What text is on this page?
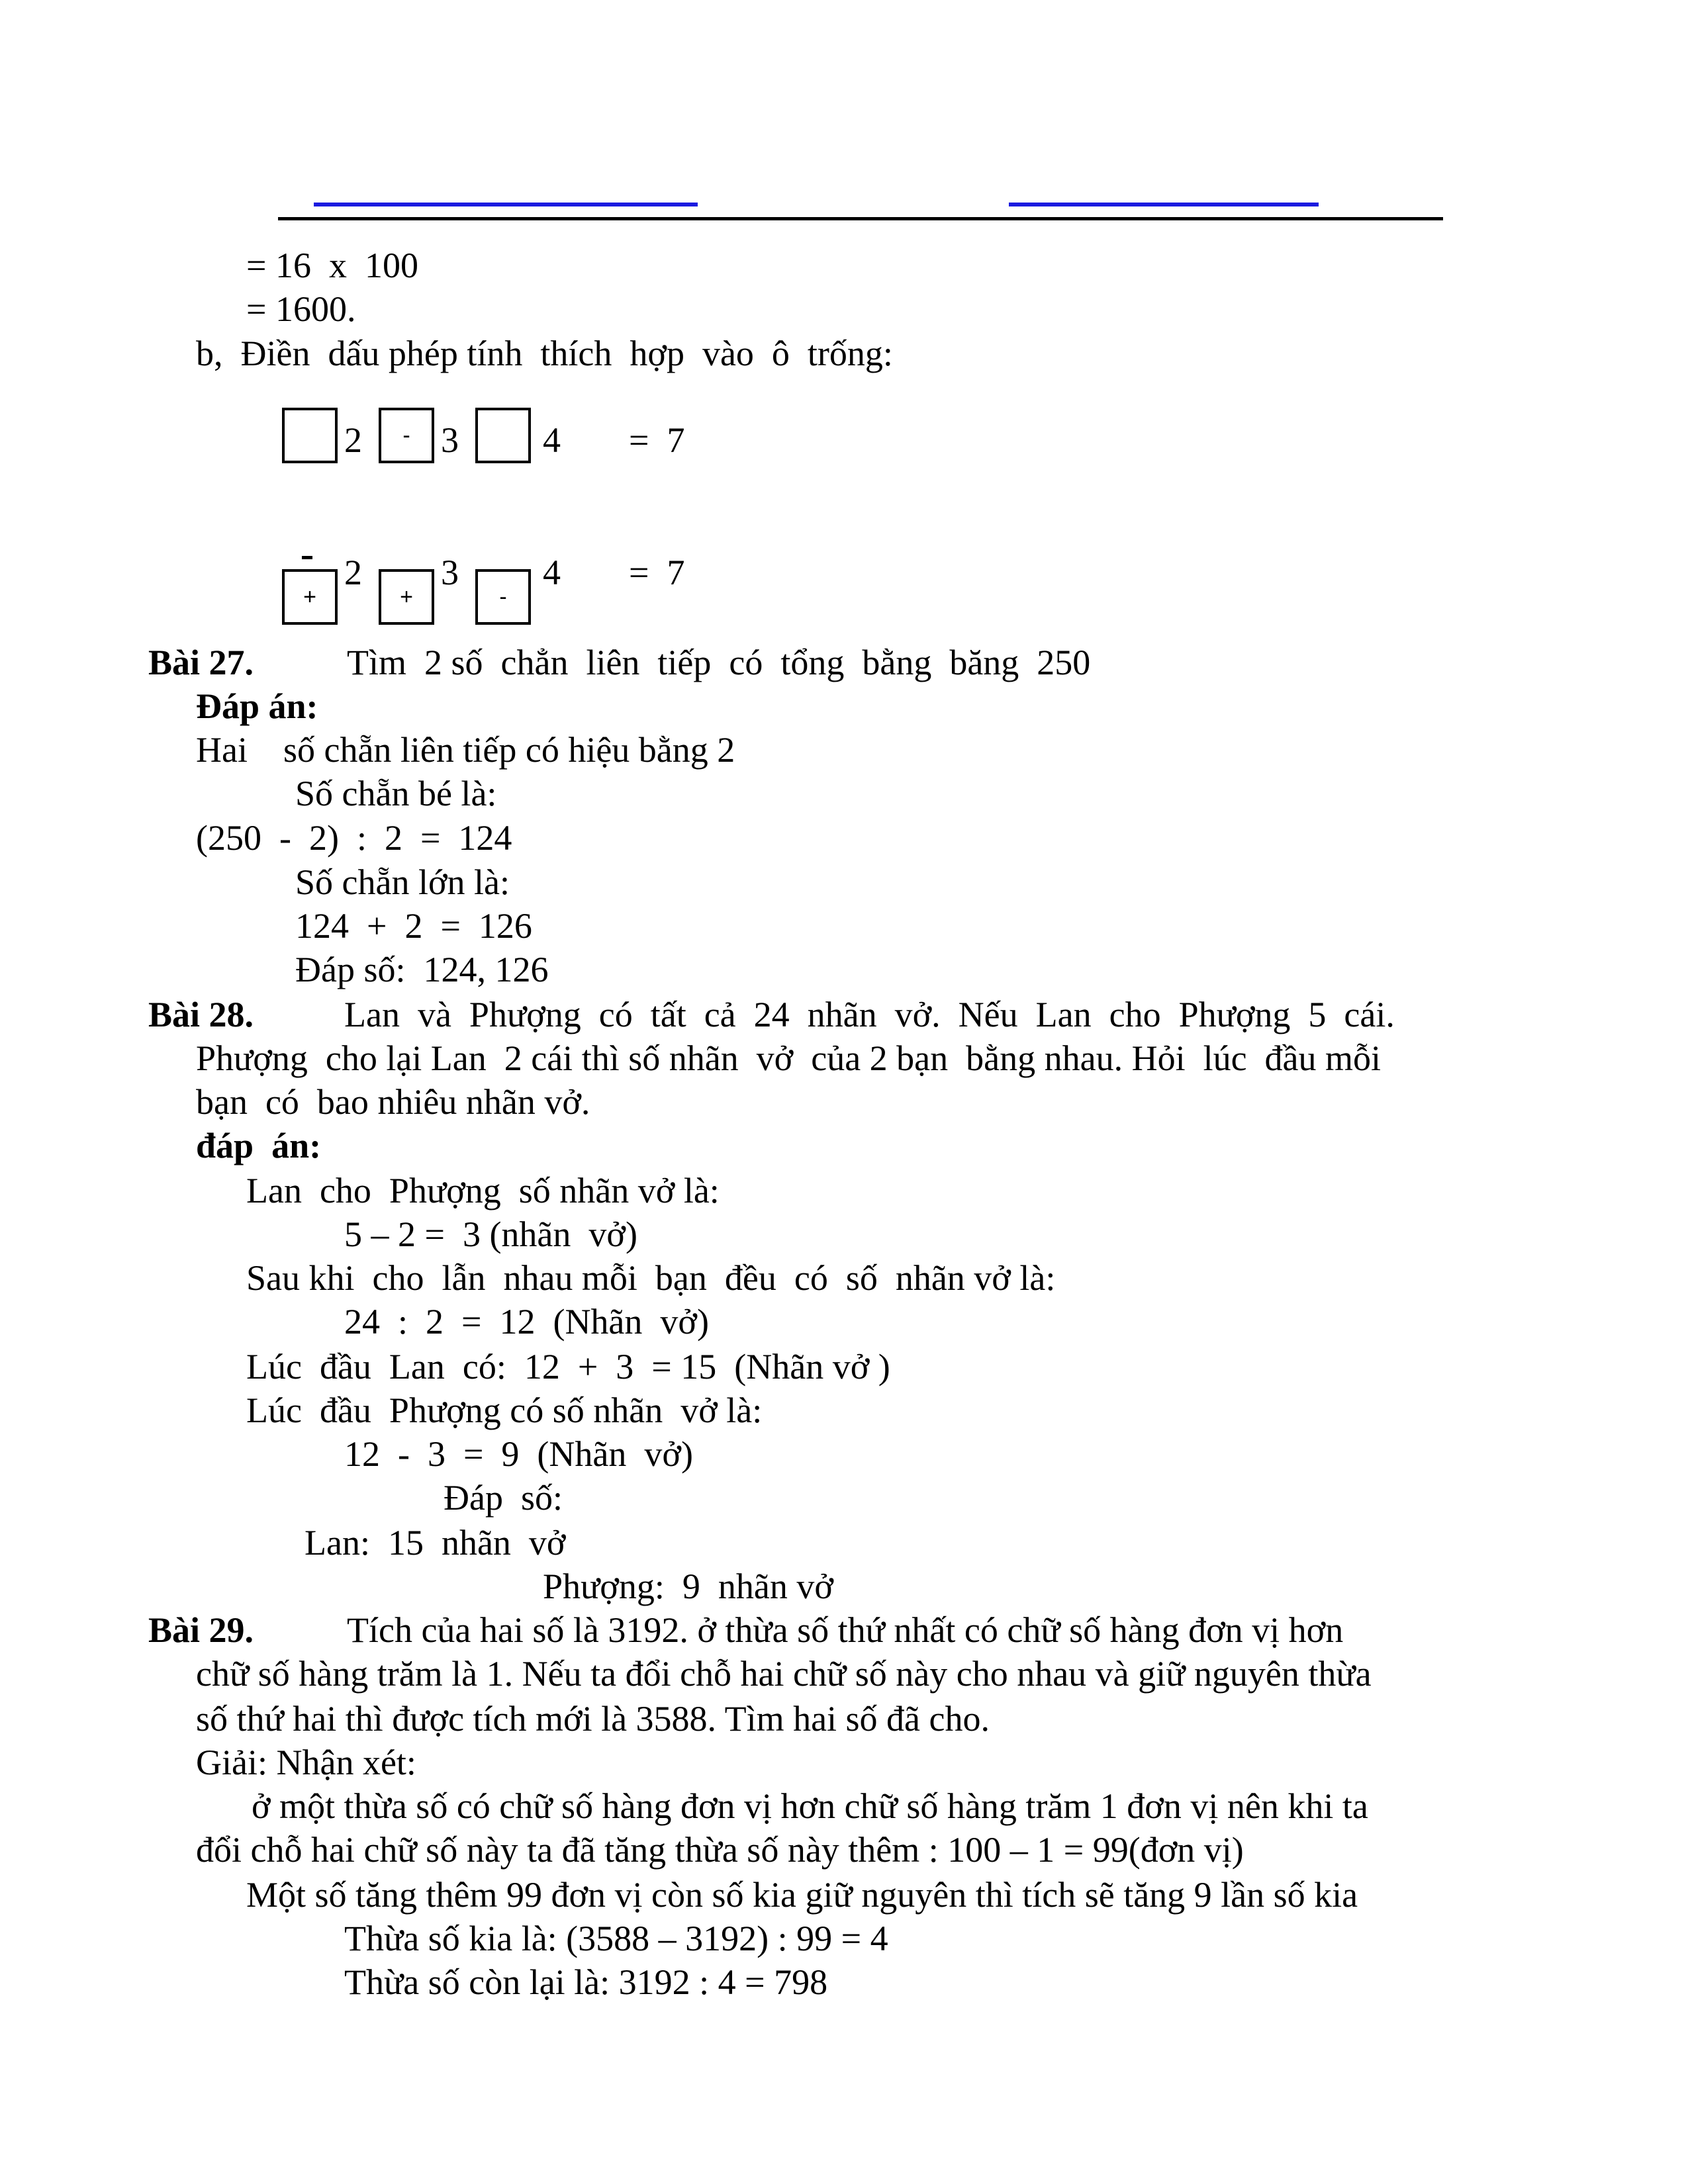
= 16  x  100
= 1600.
b,  Điền  dấu phép tính  thích  hợp  vào  ô  trống:
2	- 3 4 =  7
+
2
+
3
-
4 =  7
Bài 27.	Tìm  2 số  chẳn  liên  tiếp  có  tổng  bằng  băng  250
Đáp án:
Hai    số chẵn liên tiếp có hiệu bằng 2
Số chẵn bé là:
(250  -  2)  :  2  =  124
Số chẵn lớn là:
124  +  2  =  126
Đáp số:  124, 126
Bài 28.	Lan  và  Phượng  có  tất  cả  24  nhãn  vở.  Nếu  Lan  cho  Phượng  5  cái.
Phượng  cho lại Lan  2 cái thì số nhãn  vở  của 2 bạn  bằng nhau. Hỏi  lúc  đầu mỗi
bạn  có  bao nhiêu nhãn vở.
đáp  án:
Lan  cho  Phượng  số nhãn vở là:
5 – 2 =  3 (nhãn  vở)
Sau khi  cho  lẫn  nhau mỗi  bạn  đều  có  số  nhãn vở là:
24  :  2  =  12  (Nhãn  vở)
Lúc  đầu  Lan  có:  12  +  3  = 15  (Nhãn vở )
Lúc  đầu  Phượng có số nhãn  vở là:
12  -  3  =  9  (Nhãn  vở)
Đáp  số:
Lan:  15  nhãn  vở
Phượng:  9  nhãn vở
Bài 29.	Tích của hai số là 3192. ở thừa số thứ nhất có chữ số hàng đơn vị hơn
chữ số hàng trăm là 1. Nếu ta đổi chỗ hai chữ số này cho nhau và giữ nguyên thừa
số thứ hai thì được tích mới là 3588. Tìm hai số đã cho.
Giải: Nhận xét:
ở một thừa số có chữ số hàng đơn vị hơn chữ số hàng trăm 1 đơn vị nên khi ta
đổi chỗ hai chữ số này ta đã tăng thừa số này thêm : 100 – 1 = 99(đơn vị)
Một số tăng thêm 99 đơn vị còn số kia giữ nguyên thì tích sẽ tăng 9 lần số kia
Thừa số kia là: (3588 – 3192) : 99 = 4
Thừa số còn lại là: 3192 : 4 = 798
